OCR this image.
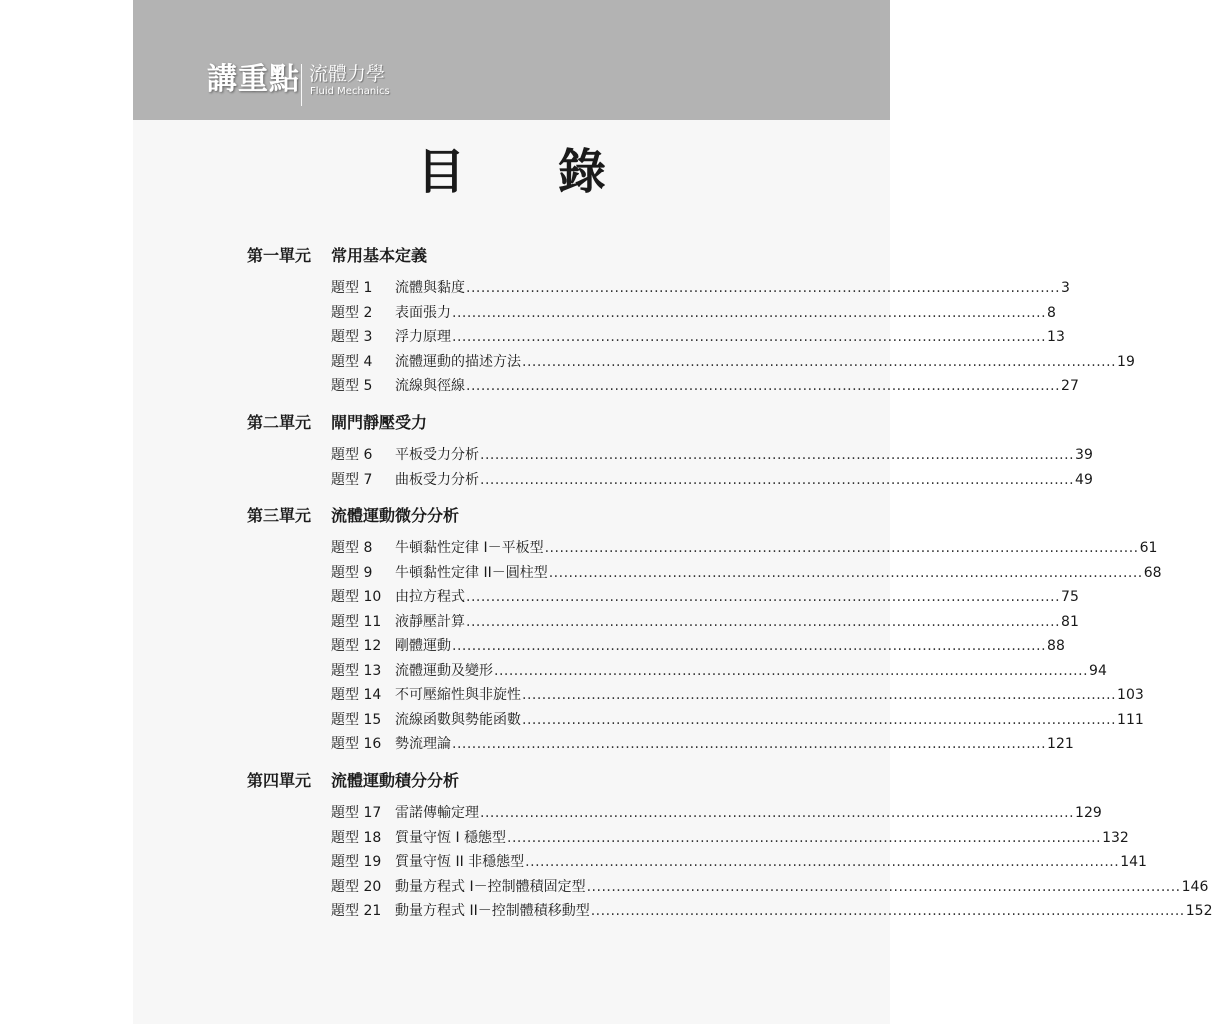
講重點 流體力學
Fluid Mechanics
目 錄
第一單元 常用基本定義
題型 1	流體與黏度 ........................................................................................................................ 3
題型 2	表面張力 ........................................................................................................................ 8
題型 3	浮力原理 ........................................................................................................................ 13
題型 4	流體運動的描述方法 ........................................................................................................................ 19
題型 5	流線與徑線 ........................................................................................................................ 27
第二單元 閘門靜壓受力
題型 6	平板受力分析 ........................................................................................................................ 39
題型 7	曲板受力分析 ........................................................................................................................ 49
第三單元 流體運動微分分析
題型 8	牛頓黏性定律 I－平板型 ........................................................................................................................ 61
題型 9	牛頓黏性定律 II－圓柱型 ........................................................................................................................ 68
題型 10 由拉方程式 ........................................................................................................................ 75
題型 11 液靜壓計算 ........................................................................................................................ 81
題型 12 剛體運動 ........................................................................................................................ 88
題型 13 流體運動及變形 ........................................................................................................................ 94
題型 14 不可壓縮性與非旋性 ........................................................................................................................ 103
題型 15 流線函數與勢能函數 ........................................................................................................................ 111
題型 16 勢流理論 ........................................................................................................................ 121
第四單元 流體運動積分分析
題型 17 雷諾傳輸定理 ........................................................................................................................ 129
題型 18 質量守恆 I 穩態型 ........................................................................................................................ 132
題型 19 質量守恆 II 非穩態型 ........................................................................................................................ 141
題型 20 動量方程式 I－控制體積固定型 ........................................................................................................................ 146
題型 21 動量方程式 II－控制體積移動型 ........................................................................................................................ 152
